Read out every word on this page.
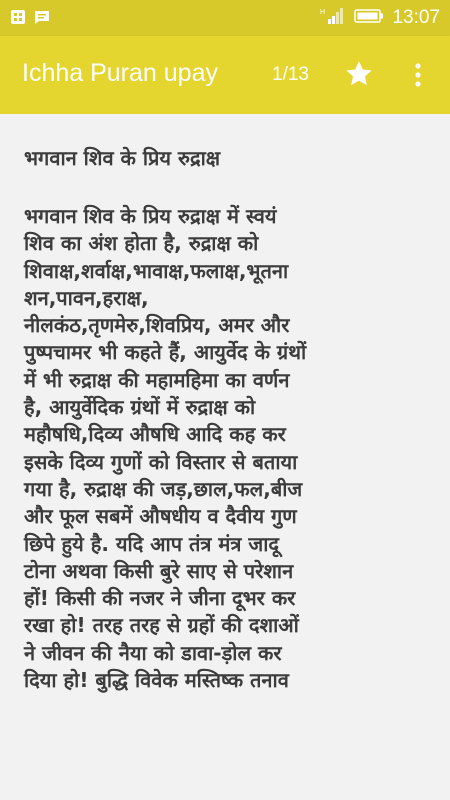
H	13:07
Ichha Puran upay	1/13
भगवान शिव के प्रिय रुद्राक्ष
भगवान शिव के प्रिय रुद्राक्ष में स्वयं
शिव का अंश होता है, रुद्राक्ष को
शिवाक्ष,शर्वाक्ष,भावाक्ष,फलाक्ष,भूतना
शन,पावन,हराक्ष,
नीलकंठ,तृणमेरु,शिवप्रिय, अमर और
पुष्पचामर भी कहते हैं, आयुर्वेद के ग्रंथों
में भी रुद्राक्ष की महामहिमा का वर्णन
है, आयुर्वेदिक ग्रंथों में रुद्राक्ष को
महौषधि,दिव्य औषधि आदि कह कर
इसके दिव्य गुणों को विस्तार से बताया
गया है, रुद्राक्ष की जड़,छाल,फल,बीज
और फूल सबमें औषधीय व दैवीय गुण
छिपे हुये है. यदि आप तंत्र मंत्र जादू
टोना अथवा किसी बुरे साए से परेशान
हों! किसी की नजर ने जीना दूभर कर
रखा हो! तरह तरह से ग्रहों की दशाओं
ने जीवन की नैया को डावा-ड़ोल कर
दिया हो! बुद्धि विवेक मस्तिष्क तनाव
